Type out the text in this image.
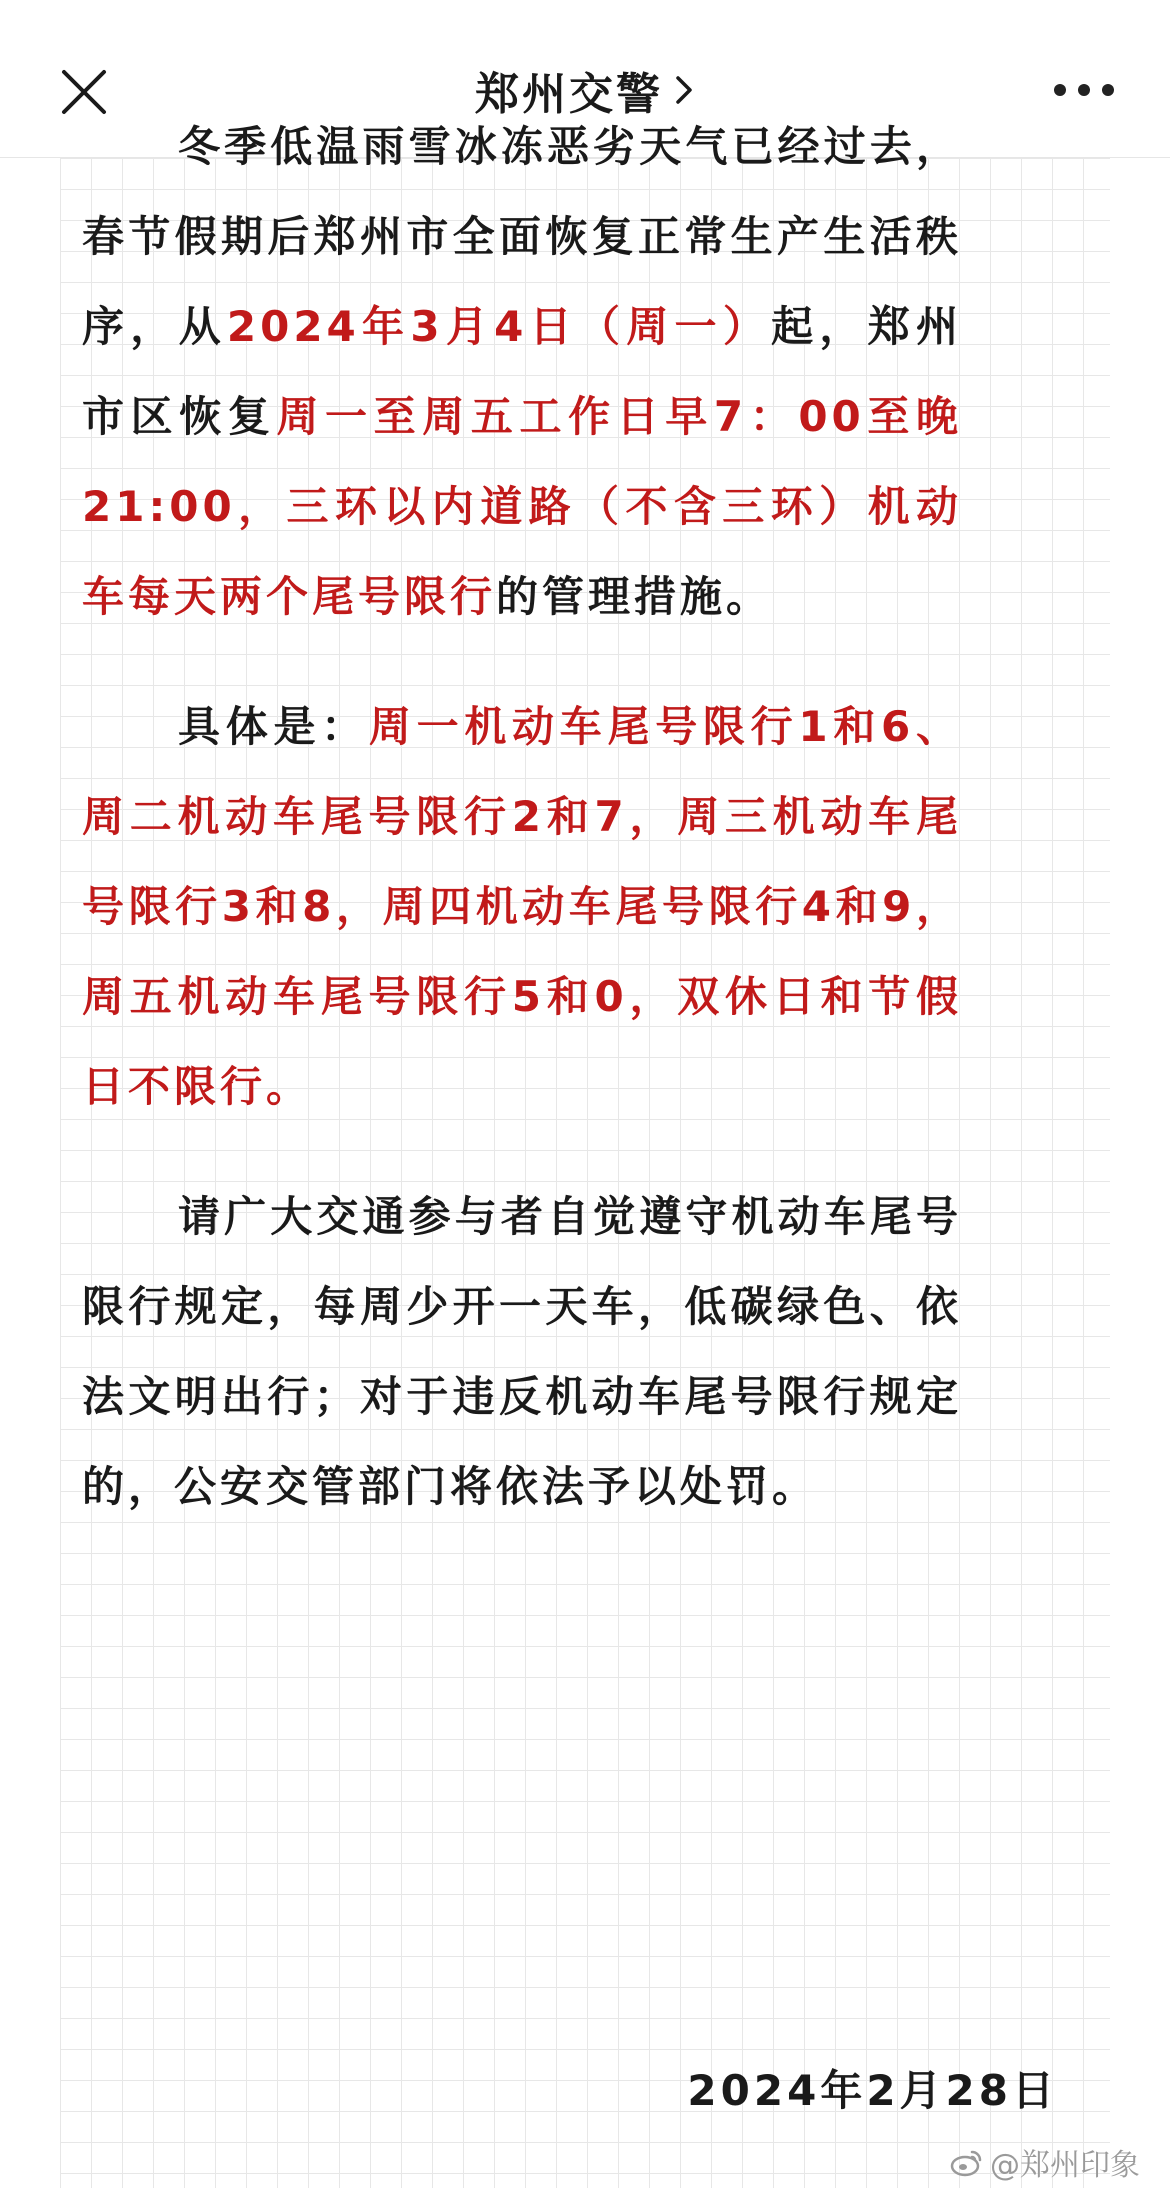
郑州交警

冬季低温雨雪冰冻恶劣天气已经过去，春节假期后郑州市全面恢复正常生产生活秩序，从2024年3月4日（周一）起，郑州市区恢复周一至周五工作日早7：00至晚21:00，三环以内道路（不含三环）机动车每天两个尾号限行的管理措施。

具体是：周一机动车尾号限行1和6、周二机动车尾号限行2和7，周三机动车尾号限行3和8，周四机动车尾号限行4和9，周五机动车尾号限行5和0，双休日和节假日不限行。

请广大交通参与者自觉遵守机动车尾号限行规定，每周少开一天车，低碳绿色、依法文明出行；对于违反机动车尾号限行规定的，公安交管部门将依法予以处罚。

2024年2月28日
@郑州印象
